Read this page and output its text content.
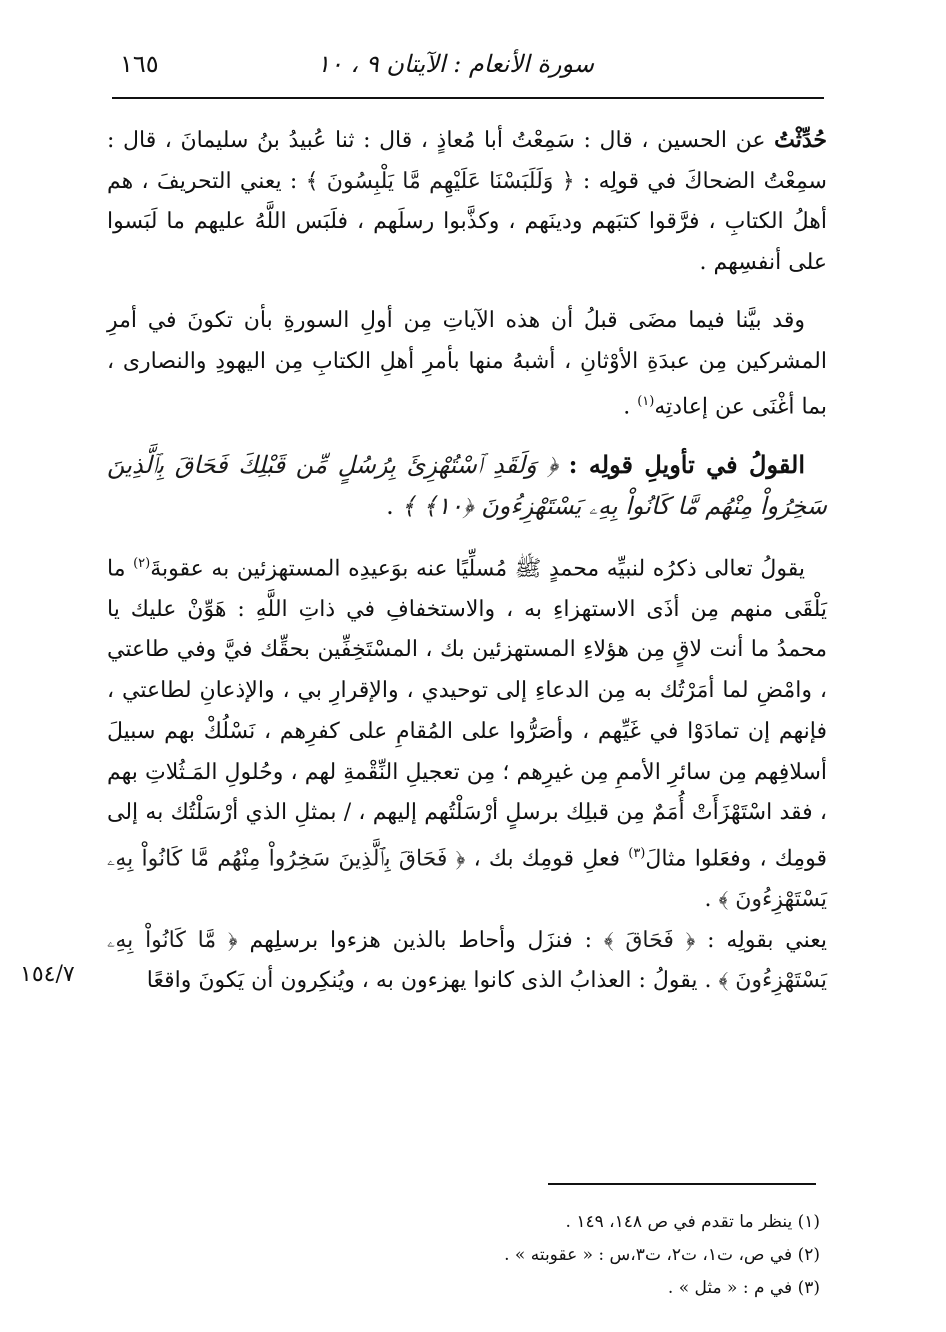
١٦٥	سورة الأنعام : الآيتان ٩ ، ١٠

حُدِّثْتُ عن الحسين ، قال : سَمِعْتُ أبا مُعاذٍ ، قال : ثنا عُبيدُ بنُ سليمانَ ، قال : سمِعْتُ الضحاكَ في قولِه : ﴿ وَلَلَبَسْنَا عَلَيْهِم مَّا يَلْبِسُونَ ﴾ : يعني التحريفَ ، هم أهلُ الكتابِ ، فرَّقوا كتبَهم ودينَهم ، وكذَّبوا رسلَهم ، فلَبَس اللَّهُ عليهم ما لَبَسوا على أنفسِهم .

وقد بيَّنا فيما مضَى قبلُ أن هذه الآياتِ مِن أولِ السورةِ بأن تكونَ في أمرِ المشركين مِن عبدَةِ الأوْثانِ ، أشبهُ منها بأمرِ أهلِ الكتابِ مِن اليهودِ والنصارى ، بما أغْنَى عن إعادتِه$^{(١)}$ .

القولُ في تأويلِ قولِه : ﴿ وَلَقَدِ ٱسْتُهْزِئَ بِرُسُلٍ مِّن قَبْلِكَ فَحَاقَ بِٱلَّذِينَ سَخِرُواْ مِنْهُم مَّا كَانُواْ بِهِۦ يَسْتَهْزِءُونَ ﴿١٠﴾ ﴾ .

يقولُ تعالى ذكرُه لنبيِّه محمدٍ ﷺ مُسلِّيًا عنه بوَعيدِه المستهزئين به عقوبةَ$^{(٢)}$ ما يَلْقَى منهم مِن أذَى الاستهزاءِ به ، والاستخفافِ في ذاتِ اللَّهِ : هَوِّنْ عليك يا محمدُ ما أنت لاقٍ مِن هؤلاءِ المستهزئين بك ، المسْتَخِفِّين بحقِّك فيَّ وفي طاعتي ، وامْضِ لما أمَرْتُك به مِن الدعاءِ إلى توحيدي ، والإقرارِ بي ، والإذعانِ لطاعتي ، فإنهم إن تمادَوْا في غَيِّهم ، وأصَرُّوا على المُقامِ على كفرِهم ، نَسْلُكْ بهم سبيلَ أسلافِهم مِن سائرِ الأممِ مِن غيرِهم ؛ مِن تعجيلِ النِّقْمةِ لهم ، وحُلولِ المَـثُلاتِ بهم ، فقد اسْتَهْزَأَتْ أُمَمٌ مِن قبلِك برسلٍ أرْسَلْتُهم إليهم ، / بمثلِ الذي أرْسَلْتُك به إلى قومِك ، وفعَلوا مثالَ$^{(٣)}$ فعلِ قومِك بك ، ﴿ فَحَاقَ بِٱلَّذِينَ سَخِرُواْ مِنْهُم مَّا كَانُواْ بِهِۦ يَسْتَهْزِءُونَ ﴾ .
يعني بقولِه : ﴿ فَحَاقَ ﴾ : فنزَل وأحاط بالذين هزءوا برسلِهم ﴿ مَّا كَانُواْ بِهِۦ يَسْتَهْزِءُونَ ﴾ . يقولُ : العذابُ الذى كانوا يهزءون به ، ويُنكِرون أن يَكونَ واقعًا

١٥٤/٧

(١) ينظر ما تقدم في ص ١٤٨، ١٤٩ .

(٢) في ص، ت١، ت٢، ت٣،س : « عقوبته » .

(٣) في م : « مثل » .
